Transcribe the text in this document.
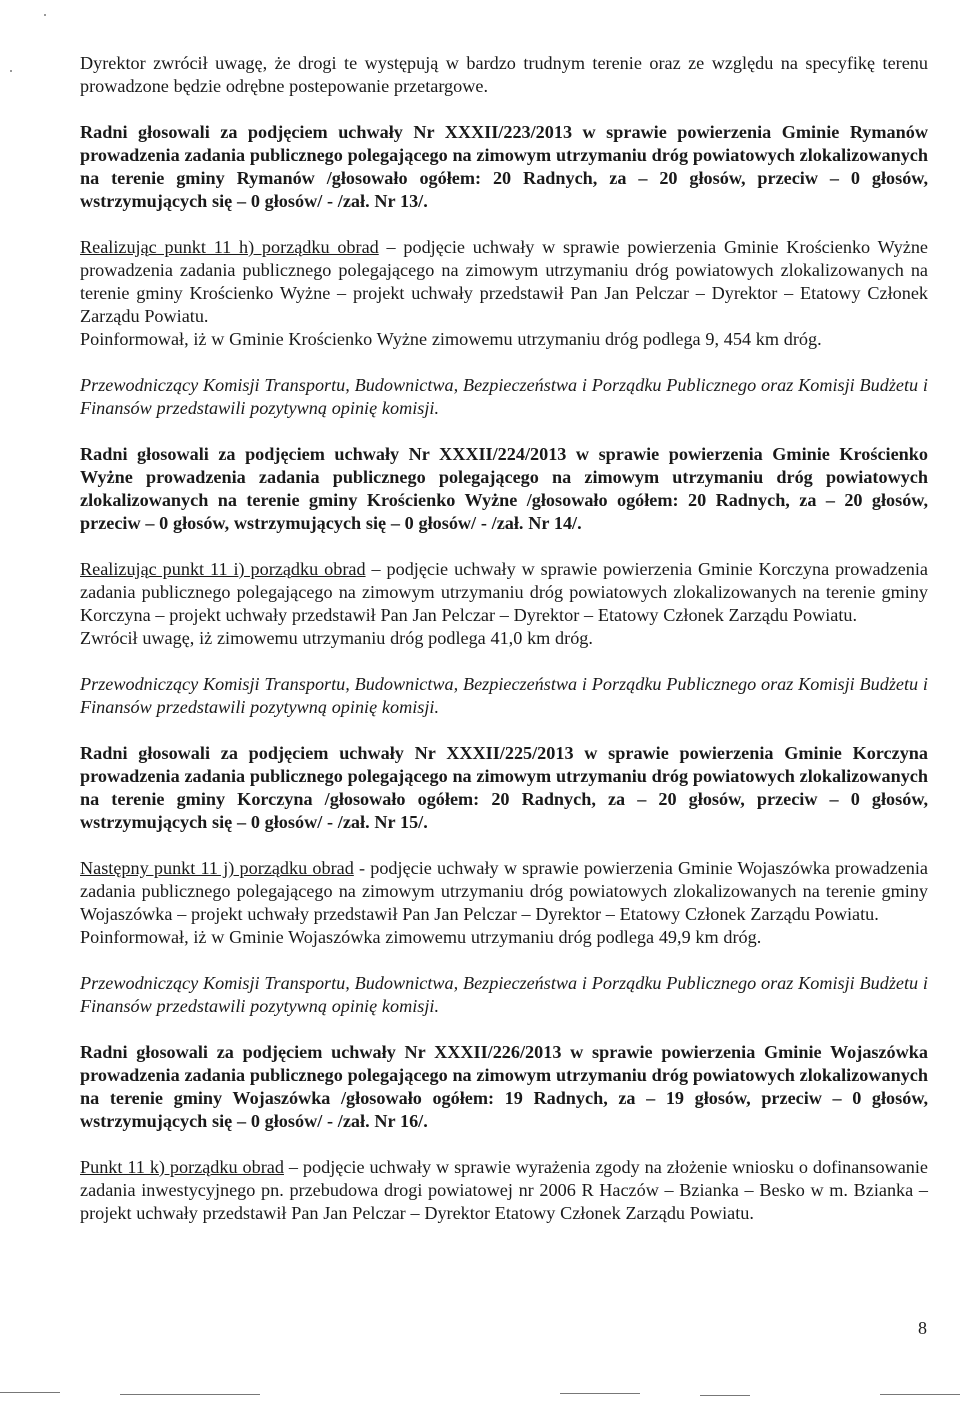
Dyrektor zwrócił uwagę, że drogi te występują w bardzo trudnym terenie oraz ze względu na specyfikę terenu prowadzone będzie odrębne postepowanie przetargowe.

Radni głosowali za podjęciem uchwały Nr XXXII/223/2013 w sprawie powierzenia Gminie Rymanów prowadzenia zadania publicznego polegającego na zimowym utrzymaniu dróg powiatowych zlokalizowanych na terenie gminy Rymanów /głosowało ogółem: 20 Radnych, za – 20 głosów, przeciw – 0 głosów, wstrzymujących się – 0 głosów/ - /zał. Nr 13/.

Realizując punkt 11 h) porządku obrad – podjęcie uchwały w sprawie powierzenia Gminie Krościenko Wyżne prowadzenia zadania publicznego polegającego na zimowym utrzymaniu dróg powiatowych zlokalizowanych na terenie gminy Krościenko Wyżne – projekt uchwały przedstawił Pan Jan Pelczar – Dyrektor – Etatowy Członek Zarządu Powiatu.

Poinformował, iż w Gminie Krościenko Wyżne zimowemu utrzymaniu dróg podlega 9, 454 km dróg.

Przewodniczący Komisji Transportu, Budownictwa, Bezpieczeństwa i Porządku Publicznego oraz Komisji Budżetu i Finansów przedstawili pozytywną opinię komisji.

Radni głosowali za podjęciem uchwały Nr XXXII/224/2013 w sprawie powierzenia Gminie Krościenko Wyżne prowadzenia zadania publicznego polegającego na zimowym utrzymaniu dróg powiatowych zlokalizowanych na terenie gminy Krościenko Wyżne /głosowało ogółem: 20 Radnych, za – 20 głosów, przeciw – 0 głosów, wstrzymujących się – 0 głosów/ - /zał. Nr 14/.

Realizując punkt 11 i) porządku obrad – podjęcie uchwały w sprawie powierzenia Gminie Korczyna prowadzenia zadania publicznego polegającego na zimowym utrzymaniu dróg powiatowych zlokalizowanych na terenie gminy Korczyna – projekt uchwały przedstawił Pan Jan Pelczar – Dyrektor – Etatowy Członek Zarządu Powiatu.

Zwrócił uwagę, iż zimowemu utrzymaniu dróg podlega 41,0 km dróg.

Przewodniczący Komisji Transportu, Budownictwa, Bezpieczeństwa i Porządku Publicznego oraz Komisji Budżetu i Finansów przedstawili pozytywną opinię komisji.

Radni głosowali za podjęciem uchwały Nr XXXII/225/2013 w sprawie powierzenia Gminie Korczyna prowadzenia zadania publicznego polegającego na zimowym utrzymaniu dróg powiatowych zlokalizowanych na terenie gminy Korczyna /głosowało ogółem: 20 Radnych, za – 20 głosów, przeciw – 0 głosów, wstrzymujących się – 0 głosów/ - /zał. Nr 15/.

Następny punkt 11 j) porządku obrad - podjęcie uchwały w sprawie powierzenia Gminie Wojaszówka prowadzenia zadania publicznego polegającego na zimowym utrzymaniu dróg powiatowych zlokalizowanych na terenie gminy Wojaszówka – projekt uchwały przedstawił Pan Jan Pelczar – Dyrektor – Etatowy Członek Zarządu Powiatu.

Poinformował, iż w Gminie Wojaszówka zimowemu utrzymaniu dróg podlega 49,9 km dróg.

Przewodniczący Komisji Transportu, Budownictwa, Bezpieczeństwa i Porządku Publicznego oraz Komisji Budżetu i Finansów przedstawili pozytywną opinię komisji.

Radni głosowali za podjęciem uchwały Nr XXXII/226/2013 w sprawie powierzenia Gminie Wojaszówka prowadzenia zadania publicznego polegającego na zimowym utrzymaniu dróg powiatowych zlokalizowanych na terenie gminy Wojaszówka /głosowało ogółem: 19 Radnych, za – 19 głosów, przeciw – 0 głosów, wstrzymujących się – 0 głosów/ - /zał. Nr 16/.

Punkt 11 k) porządku obrad – podjęcie uchwały w sprawie wyrażenia zgody na złożenie wniosku o dofinansowanie zadania inwestycyjnego pn. przebudowa drogi powiatowej nr 2006 R Haczów – Bzianka – Besko w m. Bzianka – projekt uchwały przedstawił Pan Jan Pelczar – Dyrektor Etatowy Członek Zarządu Powiatu.

8
